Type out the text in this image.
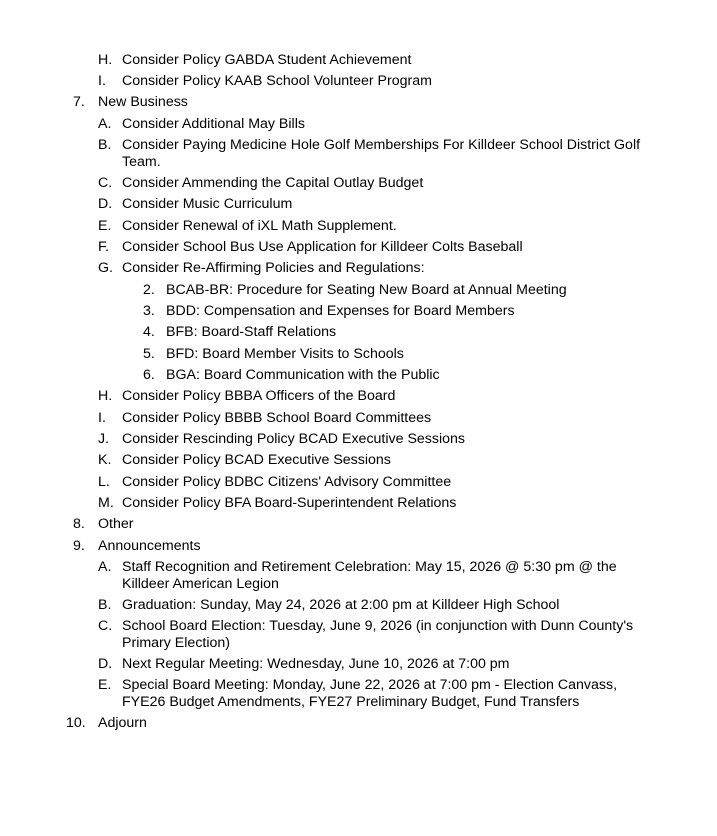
H. Consider Policy GABDA Student Achievement
I. Consider Policy KAAB School Volunteer Program
7. New Business
A. Consider Additional May Bills
B. Consider Paying Medicine Hole Golf Memberships For Killdeer School District Golf
Team.
C. Consider Ammending the Capital Outlay Budget
D. Consider Music Curriculum
E. Consider Renewal of iXL Math Supplement.
F. Consider School Bus Use Application for Killdeer Colts Baseball
G. Consider Re-Affirming Policies and Regulations:
2. BCAB-BR: Procedure for Seating New Board at Annual Meeting
3. BDD: Compensation and Expenses for Board Members
4. BFB: Board-Staff Relations
5. BFD: Board Member Visits to Schools
6. BGA: Board Communication with the Public
H. Consider Policy BBBA Officers of the Board
I. Consider Policy BBBB School Board Committees
J. Consider Rescinding Policy BCAD Executive Sessions
K. Consider Policy BCAD Executive Sessions
L. Consider Policy BDBC Citizens' Advisory Committee
M. Consider Policy BFA Board-Superintendent Relations
8. Other
9. Announcements
A. Staff Recognition and Retirement Celebration: May 15, 2026 @ 5:30 pm @ the
Killdeer American Legion
B. Graduation: Sunday, May 24, 2026 at 2:00 pm at Killdeer High School
C. School Board Election: Tuesday, June 9, 2026 (in conjunction with Dunn County's
Primary Election)
D. Next Regular Meeting: Wednesday, June 10, 2026 at 7:00 pm
E. Special Board Meeting: Monday, June 22, 2026 at 7:00 pm - Election Canvass,
FYE26 Budget Amendments, FYE27 Preliminary Budget, Fund Transfers
10. Adjourn
